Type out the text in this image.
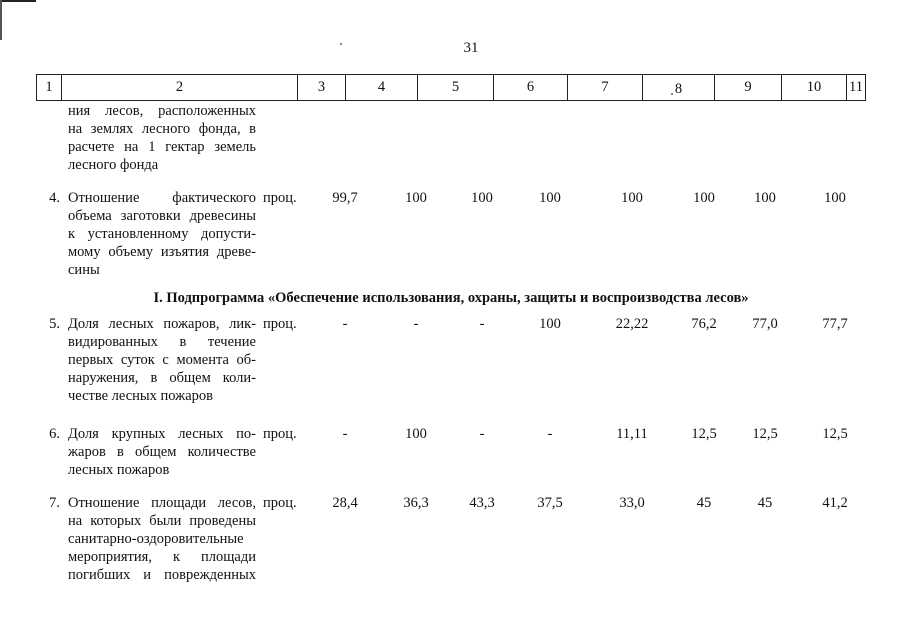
31
1	2	3	4	5	6	7	8	9	10	11
ния лесов, расположенных
на землях лесного фонда, в
расчете на 1 гектар земель
лесного фонда
4. Отношение фактического
объема заготовки древесины
к установленному допусти-
мому объему изъятия древе-
сины
проц.	99,7	100	100	100	100	100	100	100
I. Подпрограмма «Обеспечение использования, охраны, защиты и воспроизводства лесов»
5. Доля лесных пожаров, лик-
видированных в течение
первых суток с момента об-
наружения, в общем коли-
честве лесных пожаров
проц.	-	-	-	100	22,22	76,2	77,0	77,7
6. Доля крупных лесных по-
жаров в общем количестве
лесных пожаров
проц.	-	100	-	-	11,11	12,5	12,5	12,5
7. Отношение площади лесов,
на которых были проведены
санитарно-оздоровительные
мероприятия, к площади
погибших и поврежденных
проц.	28,4	36,3	43,3	37,5	33,0	45	45	41,2
